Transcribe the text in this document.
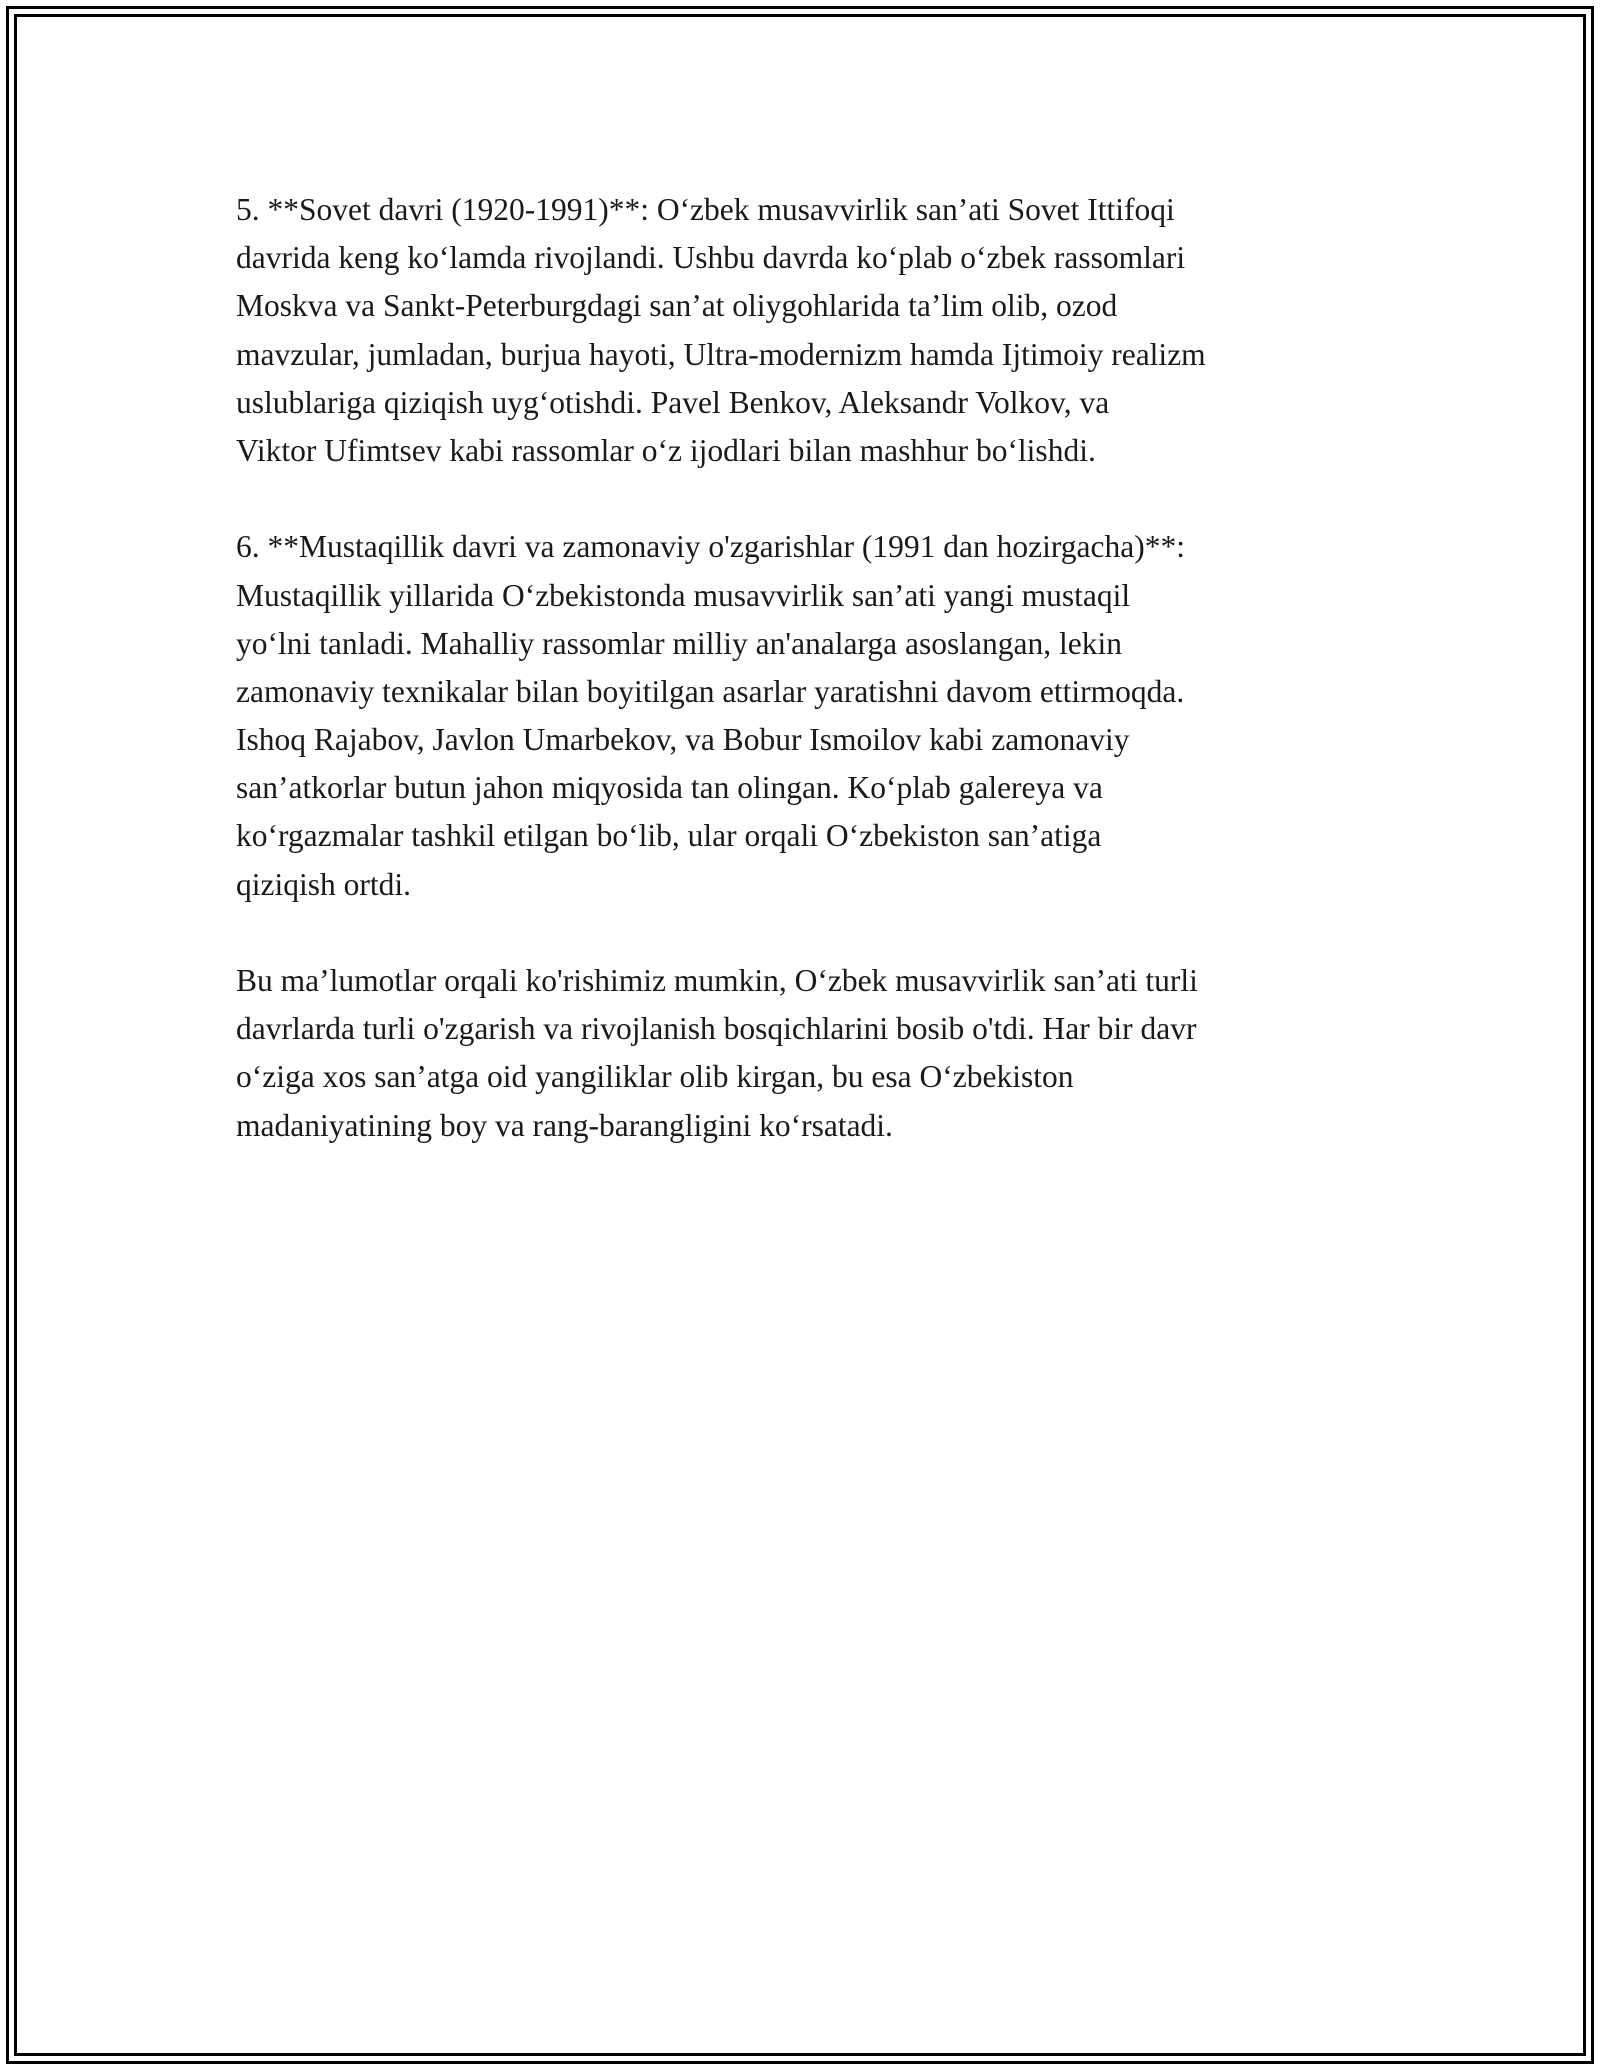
5. **Sovet davri (1920-1991)**: O‘zbek musavvirlik san’ati Sovet Ittifoqi
davrida keng ko‘lamda rivojlandi. Ushbu davrda ko‘plab o‘zbek rassomlari
Moskva va Sankt-Peterburgdagi san’at oliygohlarida ta’lim olib, ozod
mavzular, jumladan, burjua hayoti, Ultra-modernizm hamda Ijtimoiy realizm
uslublariga qiziqish uyg‘otishdi. Pavel Benkov, Aleksandr Volkov, va
Viktor Ufimtsev kabi rassomlar o‘z ijodlari bilan mashhur bo‘lishdi.
6. **Mustaqillik davri va zamonaviy o'zgarishlar (1991 dan hozirgacha)**:
Mustaqillik yillarida O‘zbekistonda musavvirlik san’ati yangi mustaqil
yo‘lni tanladi. Mahalliy rassomlar milliy an'analarga asoslangan, lekin
zamonaviy texnikalar bilan boyitilgan asarlar yaratishni davom ettirmoqda.
Ishoq Rajabov, Javlon Umarbekov, va Bobur Ismoilov kabi zamonaviy
san’atkorlar butun jahon miqyosida tan olingan. Ko‘plab galereya va
ko‘rgazmalar tashkil etilgan bo‘lib, ular orqali O‘zbekiston san’atiga
qiziqish ortdi.
Bu ma’lumotlar orqali ko'rishimiz mumkin, O‘zbek musavvirlik san’ati turli
davrlarda turli o'zgarish va rivojlanish bosqichlarini bosib o'tdi. Har bir davr
o‘ziga xos san’atga oid yangiliklar olib kirgan, bu esa O‘zbekiston
madaniyatining boy va rang-barangligini ko‘rsatadi.
